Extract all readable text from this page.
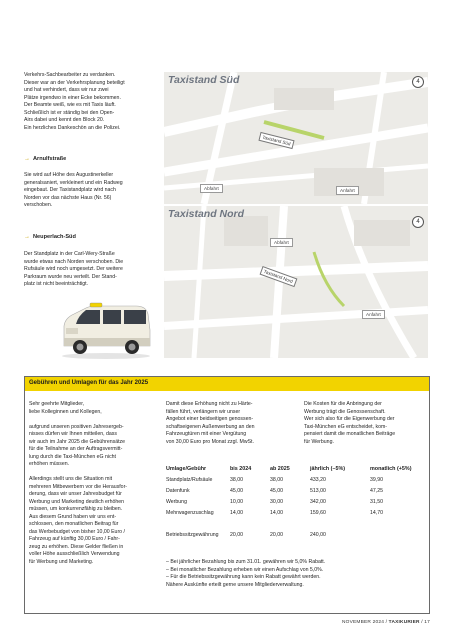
Verkehrs-Sachbearbeiter zu verdanken.

Dieser war an der Verkehrsplanung beteiligt

und hat verhindert, dass wir nur zwei

Plätze irgendwo in einer Ecke bekommen.

Der Beamte weiß, wie es mit Taxis läuft.

Schließlich ist er ständig bei den Open-

Airs dabei und kennt den Block 20.

Ein herzliches Dankeschön an die Polizei.

→ Arnulfstraße

Sie wird auf Höhe des Augustinerkeller

generalsaniert, verkleinert und ein Radweg

eingebaut. Der Taxistandplatz wird nach

Norden vor das nächste Haus (Nr. 56)

verschoben.

→ Neuperlach-Süd

Der Standplatz in der Carl-Wery-Straße

wurde etwas nach Norden verschoben. Die

Rufsäule wird noch umgesetzt. Der weitere

Parkraum wurde neu verteilt. Der Stand-

platz ist nicht beeinträchtigt.

Taxistand Süd	4
Taxistand Süd
Abfahrt	Anfahrt
Taxistand Nord
4
Abfahrt
Taxistand Nord
Anfahrt
Gebühren und Umlagen für das Jahr 2025

Sehr geehrte Mitglieder,

liebe Kolleginnen und Kollegen,

aufgrund unseren positiven Jahresergeb-

nisses dürfen wir Ihnen mitteilen, dass

wir auch im Jahr 2025 die Gebührensätze

für die Teilnahme an der Auftragsvermitt-

lung durch die Taxi-München eG nicht

erhöhen müssen.

Allerdings stellt uns die Situation mit

mehreren Mitbewerbern vor die Herausfor-

derung, dass wir unser Jahresbudget für

Werbung und Marketing deutlich erhöhen

müssen, um konkurrenzfähig zu bleiben.

Aus diesem Grund haben wir uns ent-

schlossen, den monatlichen Beitrag für

das Werbebudget von bisher 10,00 Euro /

Fahrzeug auf künftig 30,00 Euro / Fahr-

zeug zu erhöhen. Diese Gelder fließen in

voller Höhe ausschließlich Verwendung

für Werbung und Marketing.

Damit diese Erhöhung nicht zu Härte-

fällen führt, verlängern wir unser

Angebot einer beidseitigen genossen-

schaftseigenen Außenwerbung an den

Fahrzeugtüren mit einer Vergütung

von 30,00 Euro pro Monat zzgl. MwSt.

Die Kosten für die Anbringung der

Werbung trägt die Genossenschaft.

Wer sich also für die Eigenwerbung der

Taxi-München eG entscheidet, kom-

pensiert damit die monatlichen Beiträge

für Werbung.

Umlage/Gebühr	bis 2024	ab 2025	jährlich (–5%)	monatlich (+5%)
Standplatz/Rufsäule	38,00	38,00	433,20	39,90
Datenfunk	45,00	45,00	513,00	47,25
Werbung	10,00	30,00	342,00	31,50
Mehrwagenzuschlag	14,00	14,00	159,60	14,70

Betriebssitzgewährung	20,00	20,00	240,00	

– Bei jährlicher Bezahlung bis zum 31.01. gewähren wir 5,0% Rabatt.

– Bei monatlicher Bezahlung erheben wir einen Aufschlag von 5,0%.

– Für die Betriebssitzgewährung kann kein Rabatt gewährt werden.

Nähere Auskünfte erteilt gerne unsere Mitgliederverwaltung.

NOVEMBER 2024 / TAXIKURIER / 17
